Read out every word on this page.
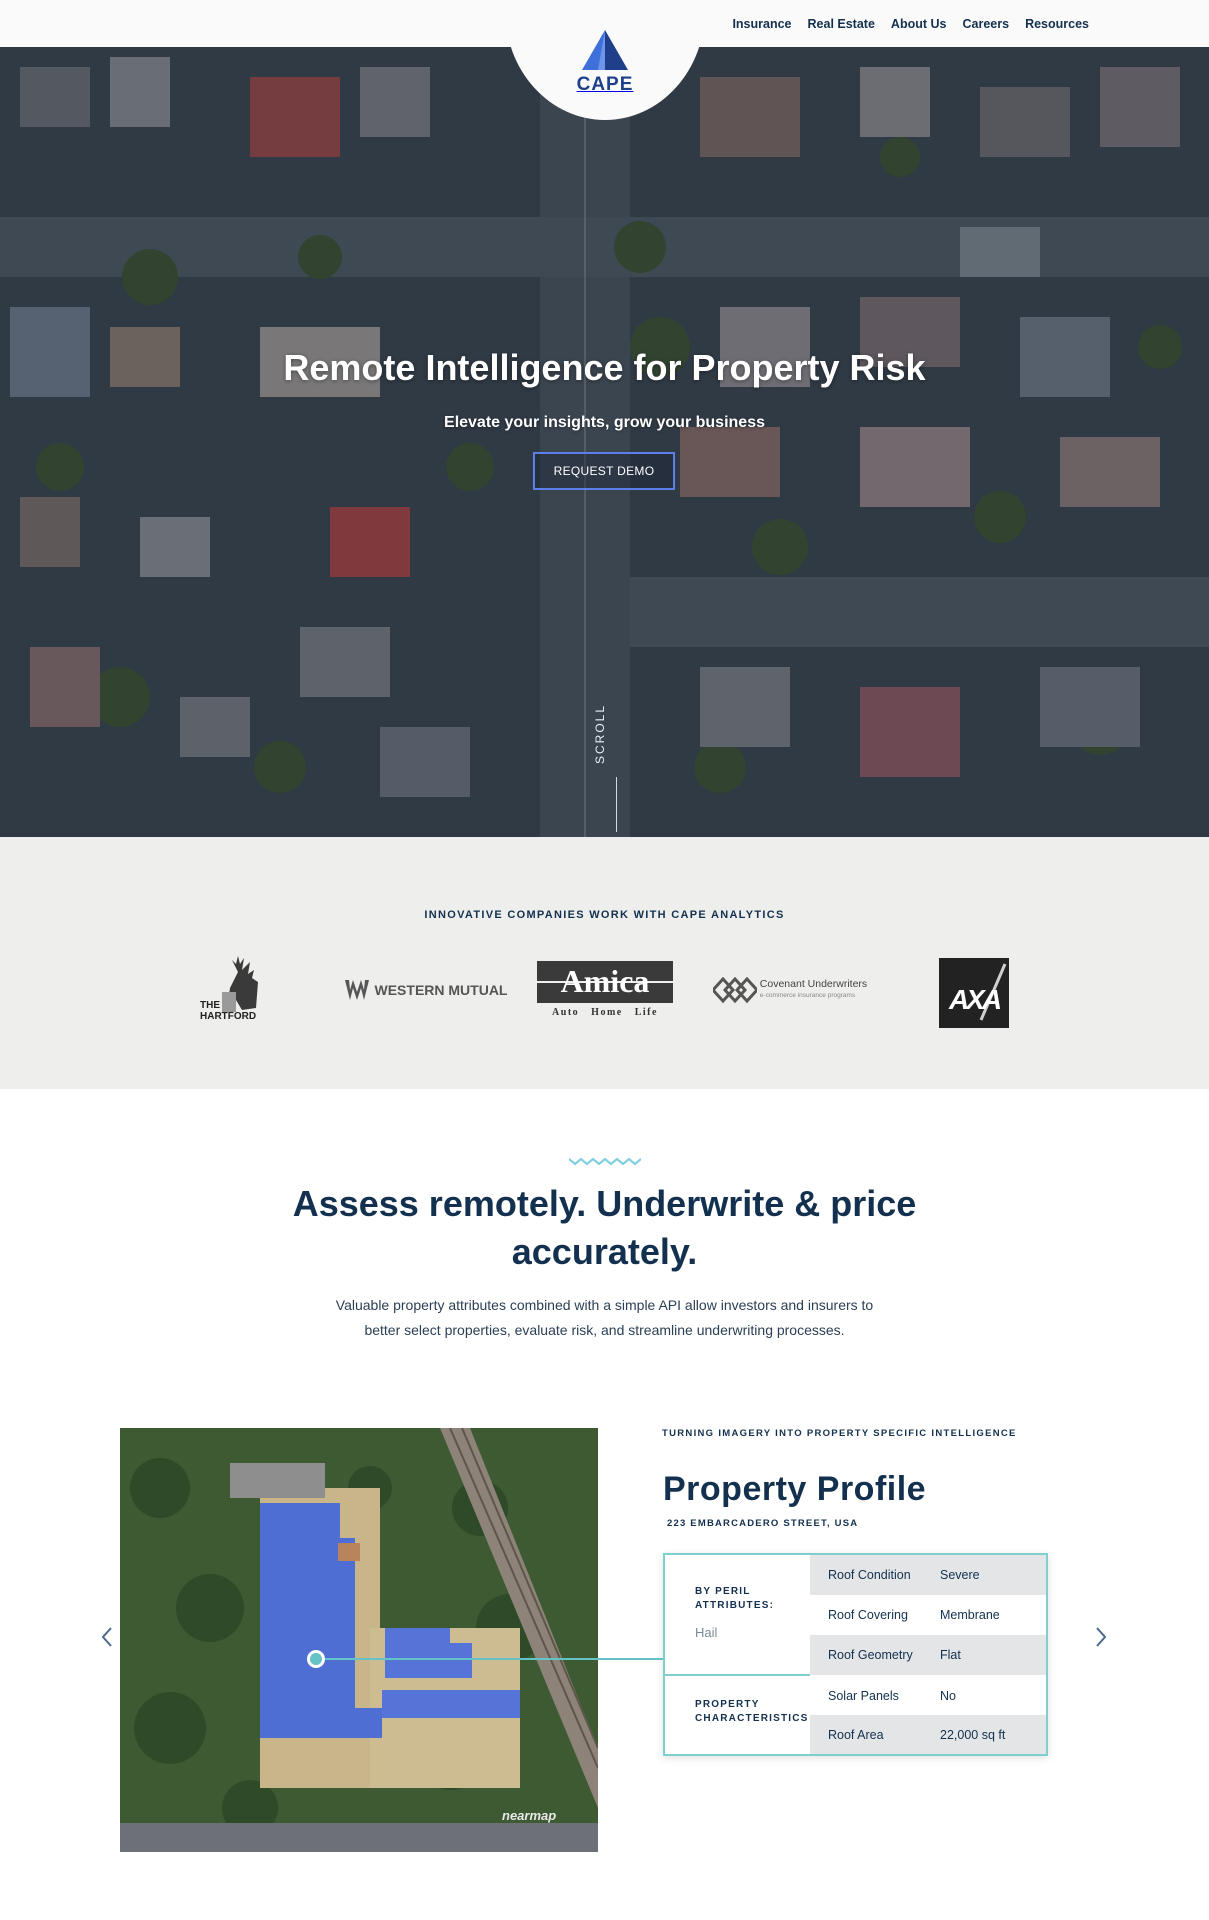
Insurance Real Estate About Us Careers Resources
CAPE
Remote Intelligence for Property Risk

Elevate your insights, grow your business

REQUEST DEMO
SCROLL
INNOVATIVE COMPANIES WORK WITH CAPE ANALYTICS
THE
HARTFORD
WESTERN MUTUAL Amica
Auto   Home   Life
Covenant Underwriters
e-commerce insurance programs	AXA
Assess remotely. Underwrite & price
accurately.

Valuable property attributes combined with a simple API allow investors and insurers to
better select properties, evaluate risk, and streamline underwriting processes.

nearmap
TURNING IMAGERY INTO PROPERTY SPECIFIC INTELLIGENCE
Property Profile
223 EMBARCADERO STREET, USA
BY PERIL
ATTRIBUTES:
Hail
PROPERTY
CHARACTERISTICS
Roof Condition	Severe
Roof Covering	Membrane
Roof Geometry	Flat
Solar Panels	No
Roof Area	22,000 sq ft
